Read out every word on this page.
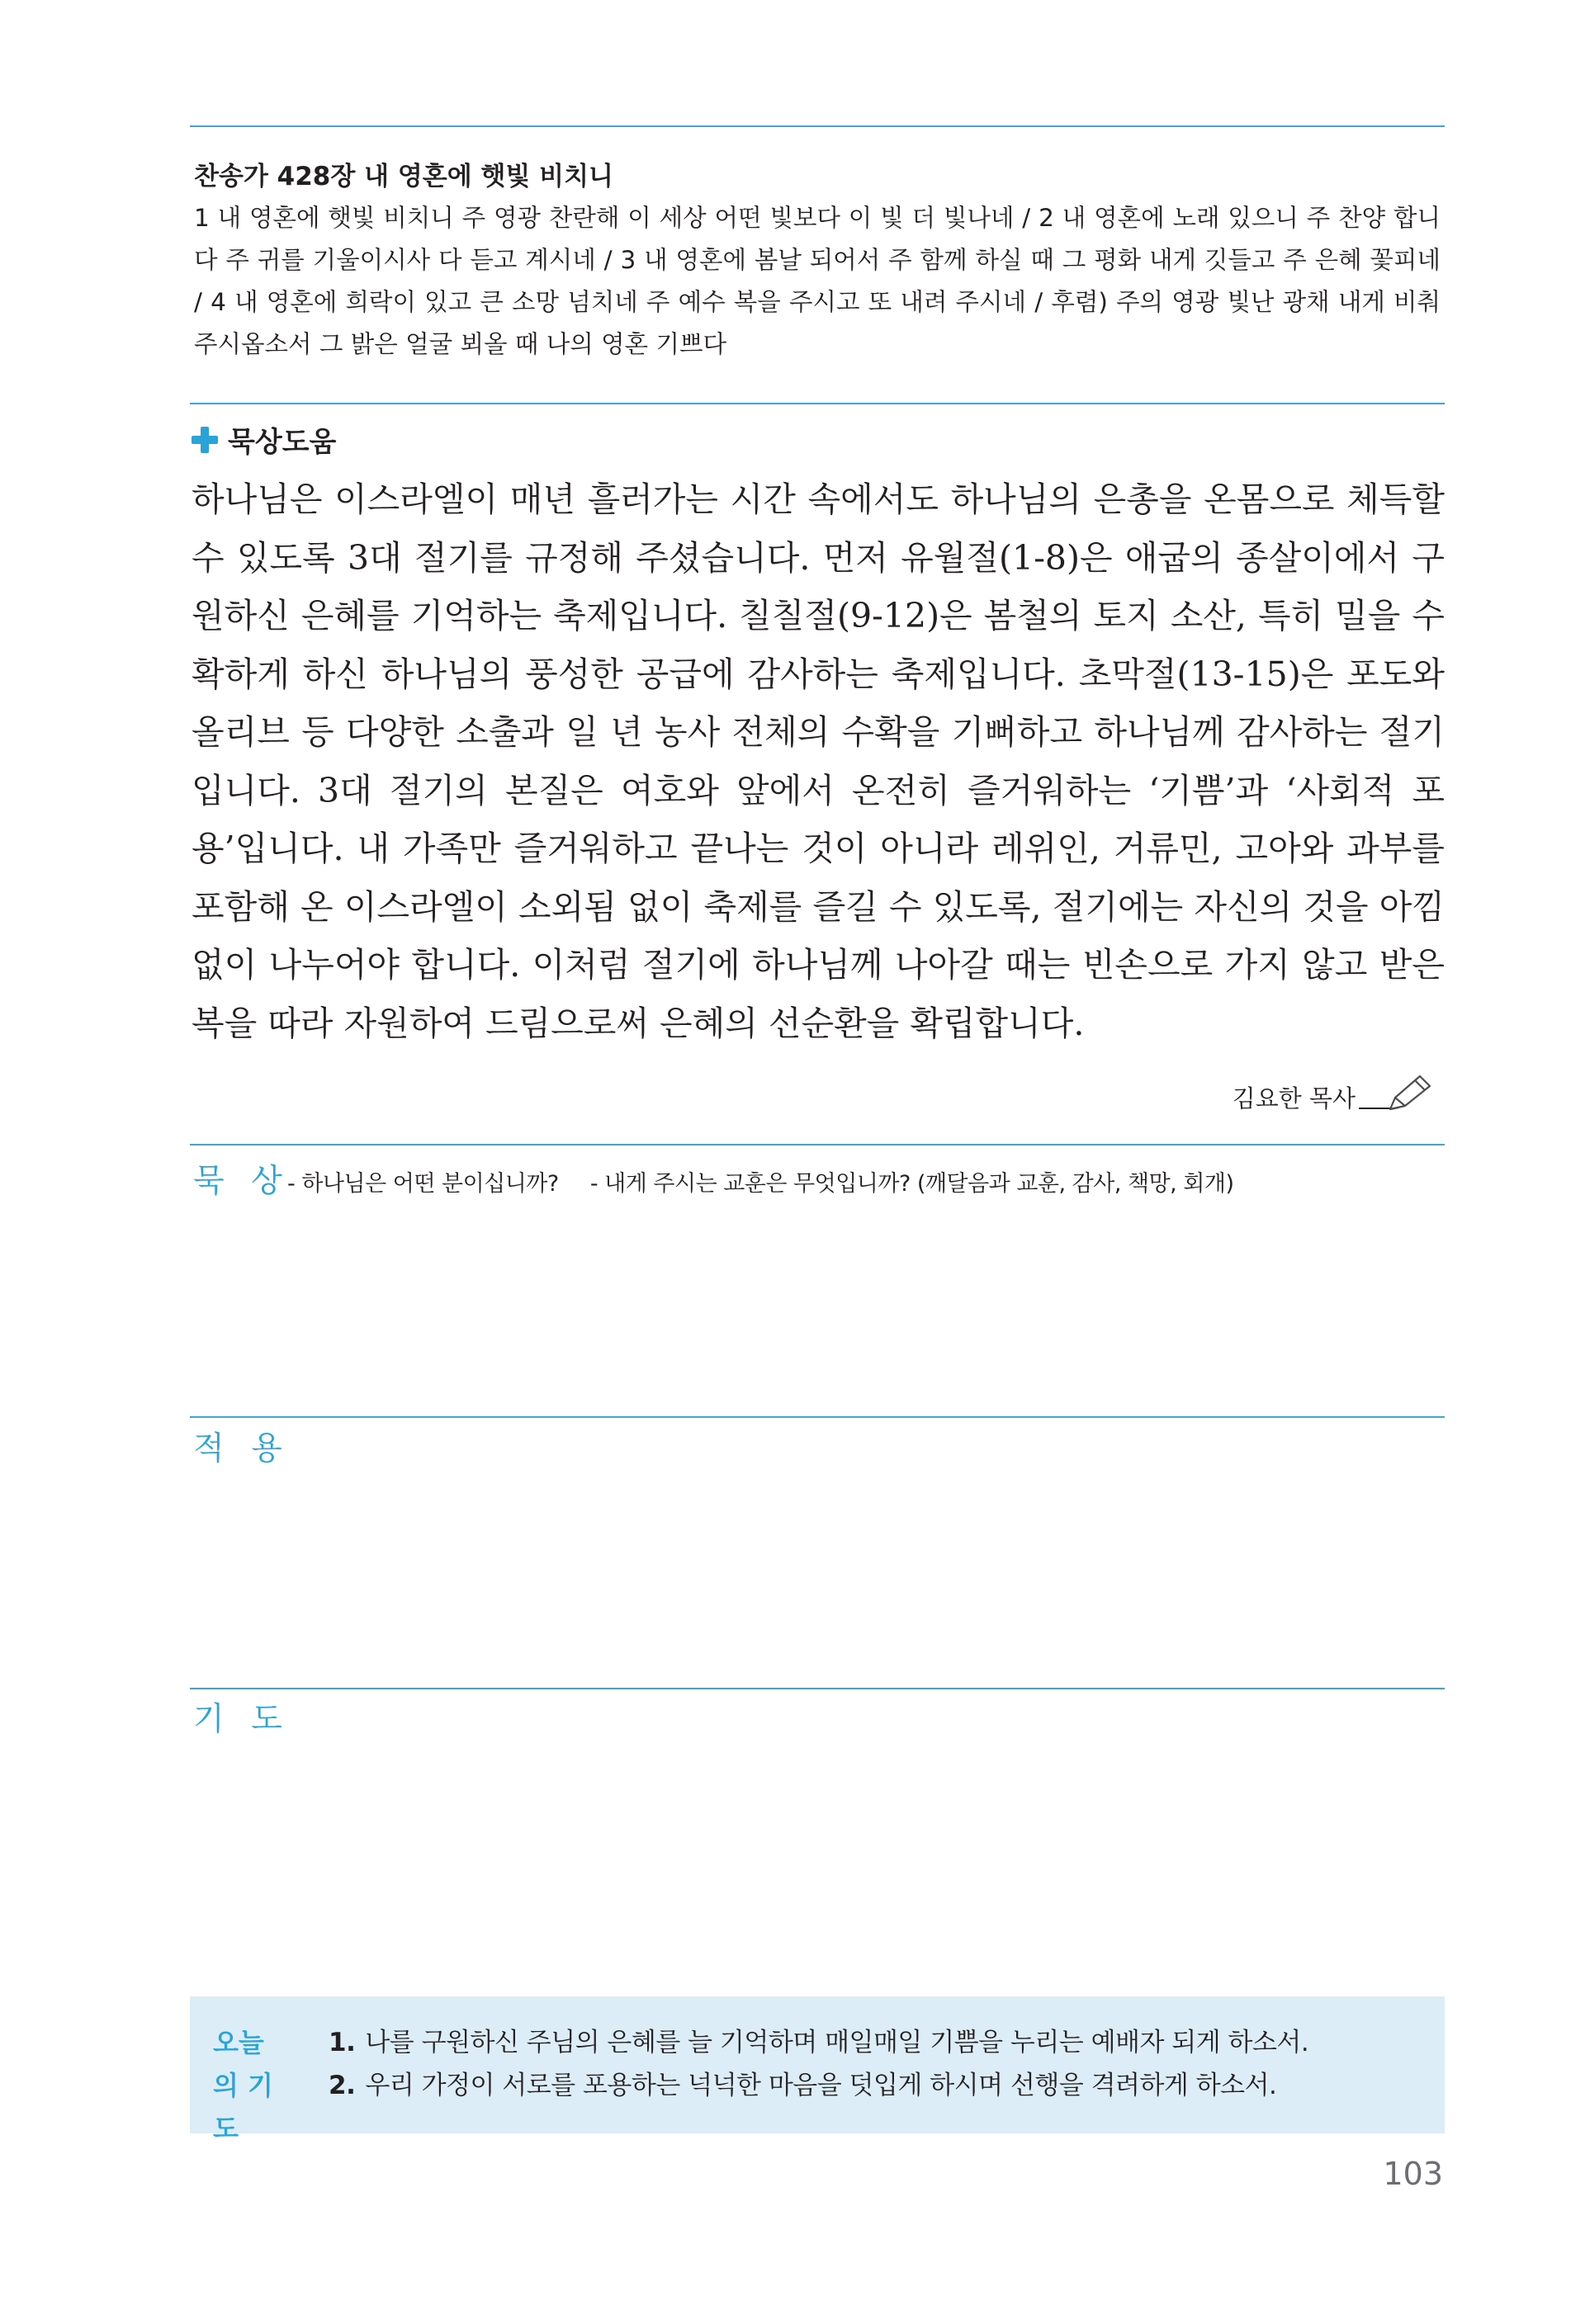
찬송가 428장 내 영혼에 햇빛 비치니

1 내 영혼에 햇빛 비치니 주 영광 찬란해 이 세상 어떤 빛보다 이 빛 더 빛나네 / 2 내 영혼에 노래 있으니 주 찬양 합니다 주 귀를 기울이시사 다 듣고 계시네 / 3 내 영혼에 봄날 되어서 주 함께 하실 때 그 평화 내게 깃들고 주 은혜 꽃피네 / 4 내 영혼에 희락이 있고 큰 소망 넘치네 주 예수 복을 주시고 또 내려 주시네 / 후렴) 주의 영광 빛난 광채 내게 비춰 주시옵소서 그 밝은 얼굴 뵈올 때 나의 영혼 기쁘다

묵상도움

하나님은 이스라엘이 매년 흘러가는 시간 속에서도 하나님의 은총을 온몸으로 체득할 수 있도록 3대 절기를 규정해 주셨습니다. 먼저 유월절(1-8)은 애굽의 종살이에서 구원하신 은혜를 기억하는 축제입니다. 칠칠절(9-12)은 봄철의 토지 소산, 특히 밀을 수확하게 하신 하나님의 풍성한 공급에 감사하는 축제입니다. 초막절(13-15)은 포도와 올리브 등 다양한 소출과 일 년 농사 전체의 수확을 기뻐하고 하나님께 감사하는 절기입니다. 3대 절기의 본질은 여호와 앞에서 온전히 즐거워하는 ‘기쁨’과 ‘사회적 포용’입니다. 내 가족만 즐거워하고 끝나는 것이 아니라 레위인, 거류민, 고아와 과부를 포함해 온 이스라엘이 소외됨 없이 축제를 즐길 수 있도록, 절기에는 자신의 것을 아낌없이 나누어야 합니다. 이처럼 절기에 하나님께 나아갈 때는 빈손으로 가지 않고 받은 복을 따라 자원하여 드림으로써 은혜의 선순환을 확립합니다.

김요한 목사
묵 상
- 하나님은 어떤 분이십니까? - 내게 주시는 교훈은 무엇입니까? (깨달음과 교훈, 감사, 책망, 회개)
적 용
기 도
오늘의 기도
1. 나를 구원하신 주님의 은혜를 늘 기억하며 매일매일 기쁨을 누리는 예배자 되게 하소서.
2. 우리 가정이 서로를 포용하는 넉넉한 마음을 덧입게 하시며 선행을 격려하게 하소서.
103
